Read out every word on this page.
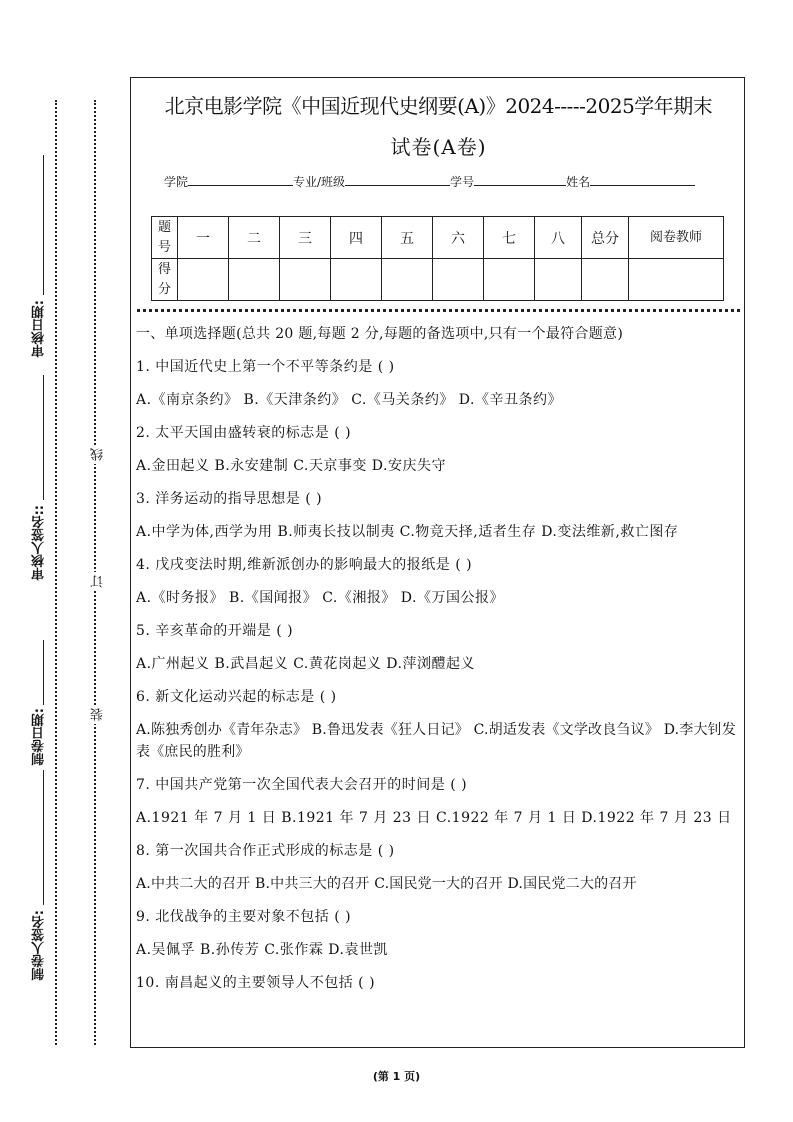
审核日期:
审核人签名::
制卷日期:
制卷人签名:
线
订
装
北京电影学院《中国近现代史纲要(A)》2024-----2025学年期末
试卷(A卷)
学院	专业/班级	学号	姓名
题号	一	二	三	四	五	六	七	八	总分	阅卷教师
得分										

一、单项选择题(总共 20 题,每题 2 分,每题的备选项中,只有一个最符合题意)

1. 中国近代史上第一个不平等条约是 ( )

A.《南京条约》 B.《天津条约》 C.《马关条约》 D.《辛丑条约》

2. 太平天国由盛转衰的标志是 ( )

A.金田起义 B.永安建制 C.天京事变 D.安庆失守

3. 洋务运动的指导思想是 ( )

A.中学为体,西学为用 B.师夷长技以制夷 C.物竞天择,适者生存 D.变法维新,救亡图存

4. 戊戌变法时期,维新派创办的影响最大的报纸是 ( )

A.《时务报》 B.《国闻报》 C.《湘报》 D.《万国公报》

5. 辛亥革命的开端是 ( )

A.广州起义 B.武昌起义 C.黄花岗起义 D.萍浏醴起义

6. 新文化运动兴起的标志是 ( )

A.陈独秀创办《青年杂志》 B.鲁迅发表《狂人日记》 C.胡适发表《文学改良刍议》 D.李大钊发表《庶民的胜利》

7. 中国共产党第一次全国代表大会召开的时间是 ( )

A.1921 年 7 月 1 日 B.1921 年 7 月 23 日 C.1922 年 7 月 1 日 D.1922 年 7 月 23 日

8. 第一次国共合作正式形成的标志是 ( )

A.中共二大的召开 B.中共三大的召开 C.国民党一大的召开 D.国民党二大的召开

9. 北伐战争的主要对象不包括 ( )

A.吴佩孚 B.孙传芳 C.张作霖 D.袁世凯

10. 南昌起义的主要领导人不包括 ( )

(第 1 页)
